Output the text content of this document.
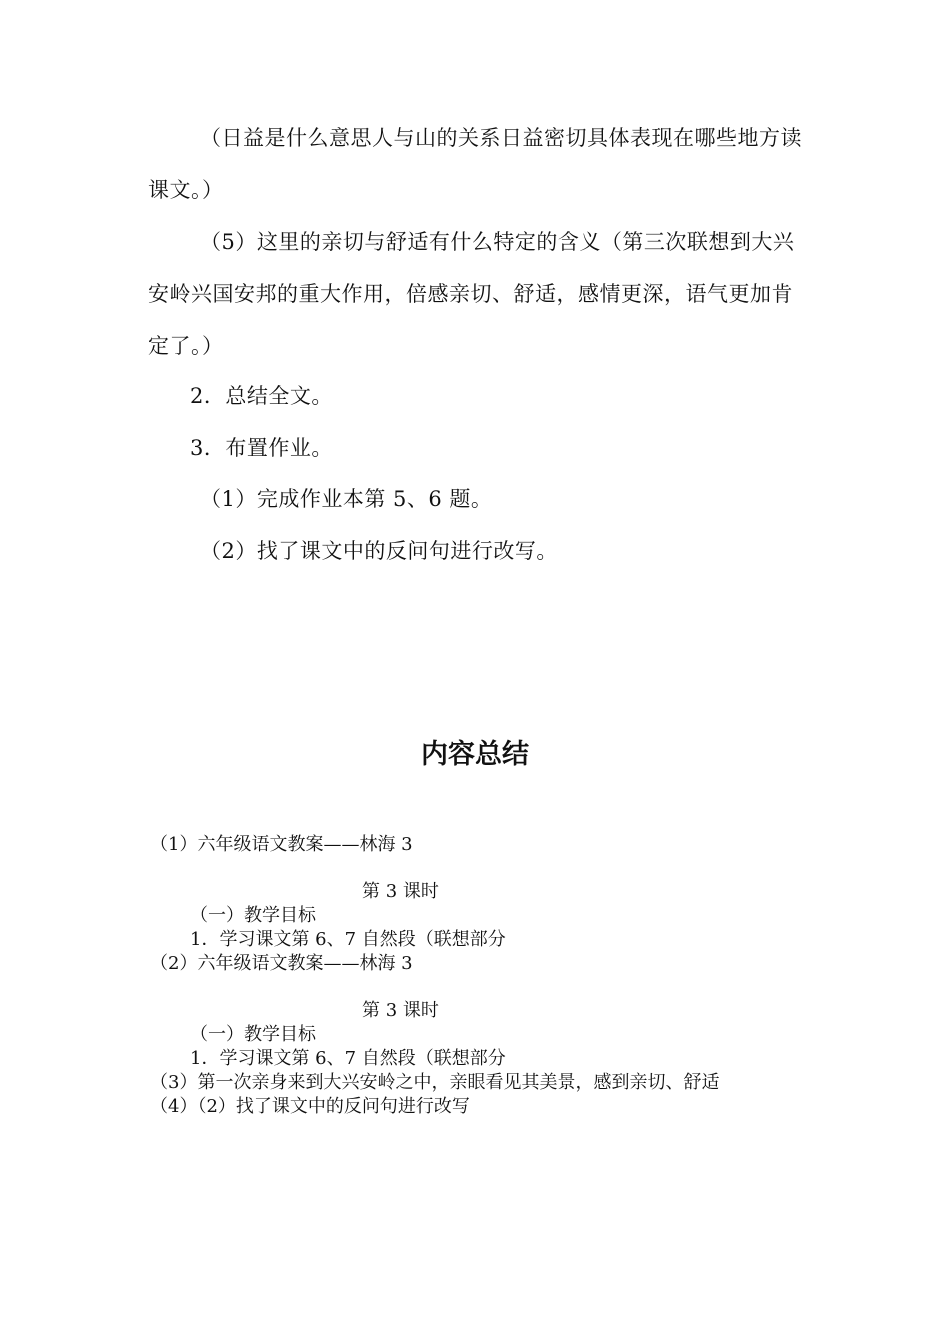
（日益是什么意思人与山的关系日益密切具体表现在哪些地方读课文。）

（5）这里的亲切与舒适有什么特定的含义（第三次联想到大兴安岭兴国安邦的重大作用，倍感亲切、舒适，感情更深，语气更加肯定了。）

2．总结全文。

3．布置作业。

（1）完成作业本第 5、6 题。

（2）找了课文中的反问句进行改写。

内容总结

（1）六年级语文教案——林海 3

第 3 课时

（一）教学目标

1．学习课文第 6、7 自然段（联想部分

（2）六年级语文教案——林海 3

第 3 课时

（一）教学目标

1．学习课文第 6、7 自然段（联想部分

（3）第一次亲身来到大兴安岭之中，亲眼看见其美景，感到亲切、舒适

（4）（2）找了课文中的反问句进行改写
